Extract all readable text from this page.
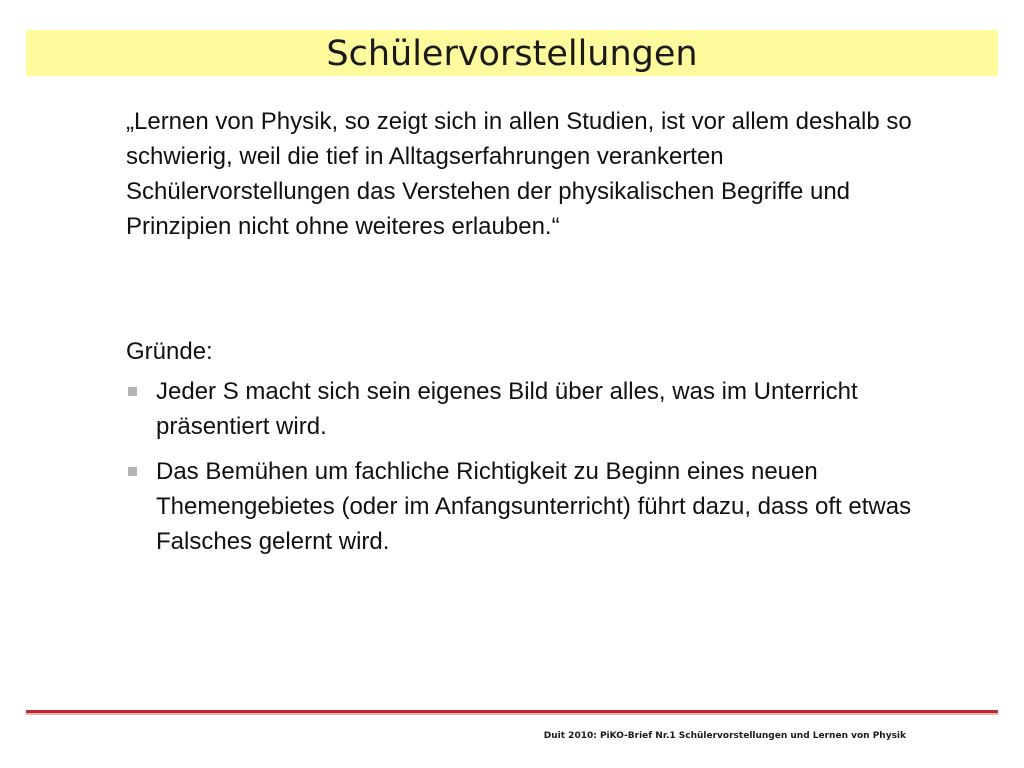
Schülervorstellungen
„Lernen von Physik, so zeigt sich in allen Studien, ist vor allem deshalb so schwierig, weil die tief in Alltagserfahrungen verankerten Schülervorstellungen das Verstehen der physikalischen Begriffe und Prinzipien nicht ohne weiteres erlauben.“
Gründe:
Jeder S macht sich sein eigenes Bild über alles, was im Unterricht präsentiert wird.
Das Bemühen um fachliche Richtigkeit zu Beginn eines neuen Themengebietes (oder im Anfangsunterricht) führt dazu, dass oft etwas Falsches gelernt wird.
Duit 2010: PiKO-Brief Nr.1 Schülervorstellungen und Lernen von Physik
